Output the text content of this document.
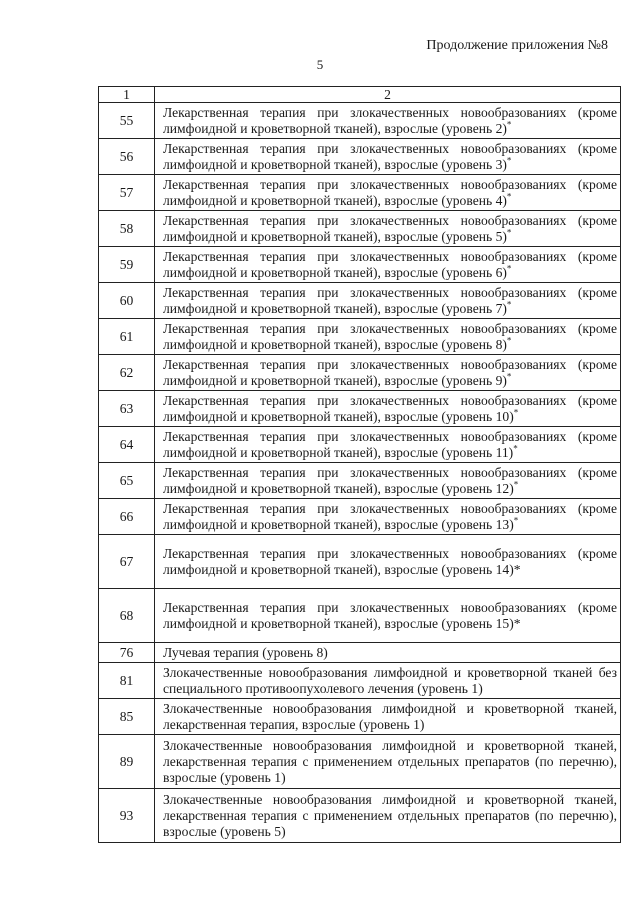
Продолжение приложения №8
5
1	2
55	Лекарственная терапия при злокачественных новообразованиях (кроме лимфоидной и кроветворной тканей), взрослые (уровень 2)*
56	Лекарственная терапия при злокачественных новообразованиях (кроме лимфоидной и кроветворной тканей), взрослые (уровень 3)*
57	Лекарственная терапия при злокачественных новообразованиях (кроме лимфоидной и кроветворной тканей), взрослые (уровень 4)*
58	Лекарственная терапия при злокачественных новообразованиях (кроме лимфоидной и кроветворной тканей), взрослые (уровень 5)*
59	Лекарственная терапия при злокачественных новообразованиях (кроме лимфоидной и кроветворной тканей), взрослые (уровень 6)*
60	Лекарственная терапия при злокачественных новообразованиях (кроме лимфоидной и кроветворной тканей), взрослые (уровень 7)*
61	Лекарственная терапия при злокачественных новообразованиях (кроме лимфоидной и кроветворной тканей), взрослые (уровень 8)*
62	Лекарственная терапия при злокачественных новообразованиях (кроме лимфоидной и кроветворной тканей), взрослые (уровень 9)*
63	Лекарственная терапия при злокачественных новообразованиях (кроме лимфоидной и кроветворной тканей), взрослые (уровень 10)*
64	Лекарственная терапия при злокачественных новообразованиях (кроме лимфоидной и кроветворной тканей), взрослые (уровень 11)*
65	Лекарственная терапия при злокачественных новообразованиях (кроме лимфоидной и кроветворной тканей), взрослые (уровень 12)*
66	Лекарственная терапия при злокачественных новообразованиях (кроме лимфоидной и кроветворной тканей), взрослые (уровень 13)*
67	Лекарственная терапия при злокачественных новообразованиях (кроме лимфоидной и кроветворной тканей), взрослые (уровень 14)*
68	Лекарственная терапия при злокачественных новообразованиях (кроме лимфоидной и кроветворной тканей), взрослые (уровень 15)*
76	Лучевая терапия (уровень 8)
81	Злокачественные новообразования лимфоидной и кроветворной тканей без специального противоопухолевого лечения (уровень 1)
85	Злокачественные новообразования лимфоидной и кроветворной тканей, лекарственная терапия, взрослые (уровень 1)
89	Злокачественные новообразования лимфоидной и кроветворной тканей, лекарственная терапия с применением отдельных препаратов (по перечню), взрослые (уровень 1)
93	Злокачественные новообразования лимфоидной и кроветворной тканей, лекарственная терапия с применением отдельных препаратов (по перечню), взрослые (уровень 5)
